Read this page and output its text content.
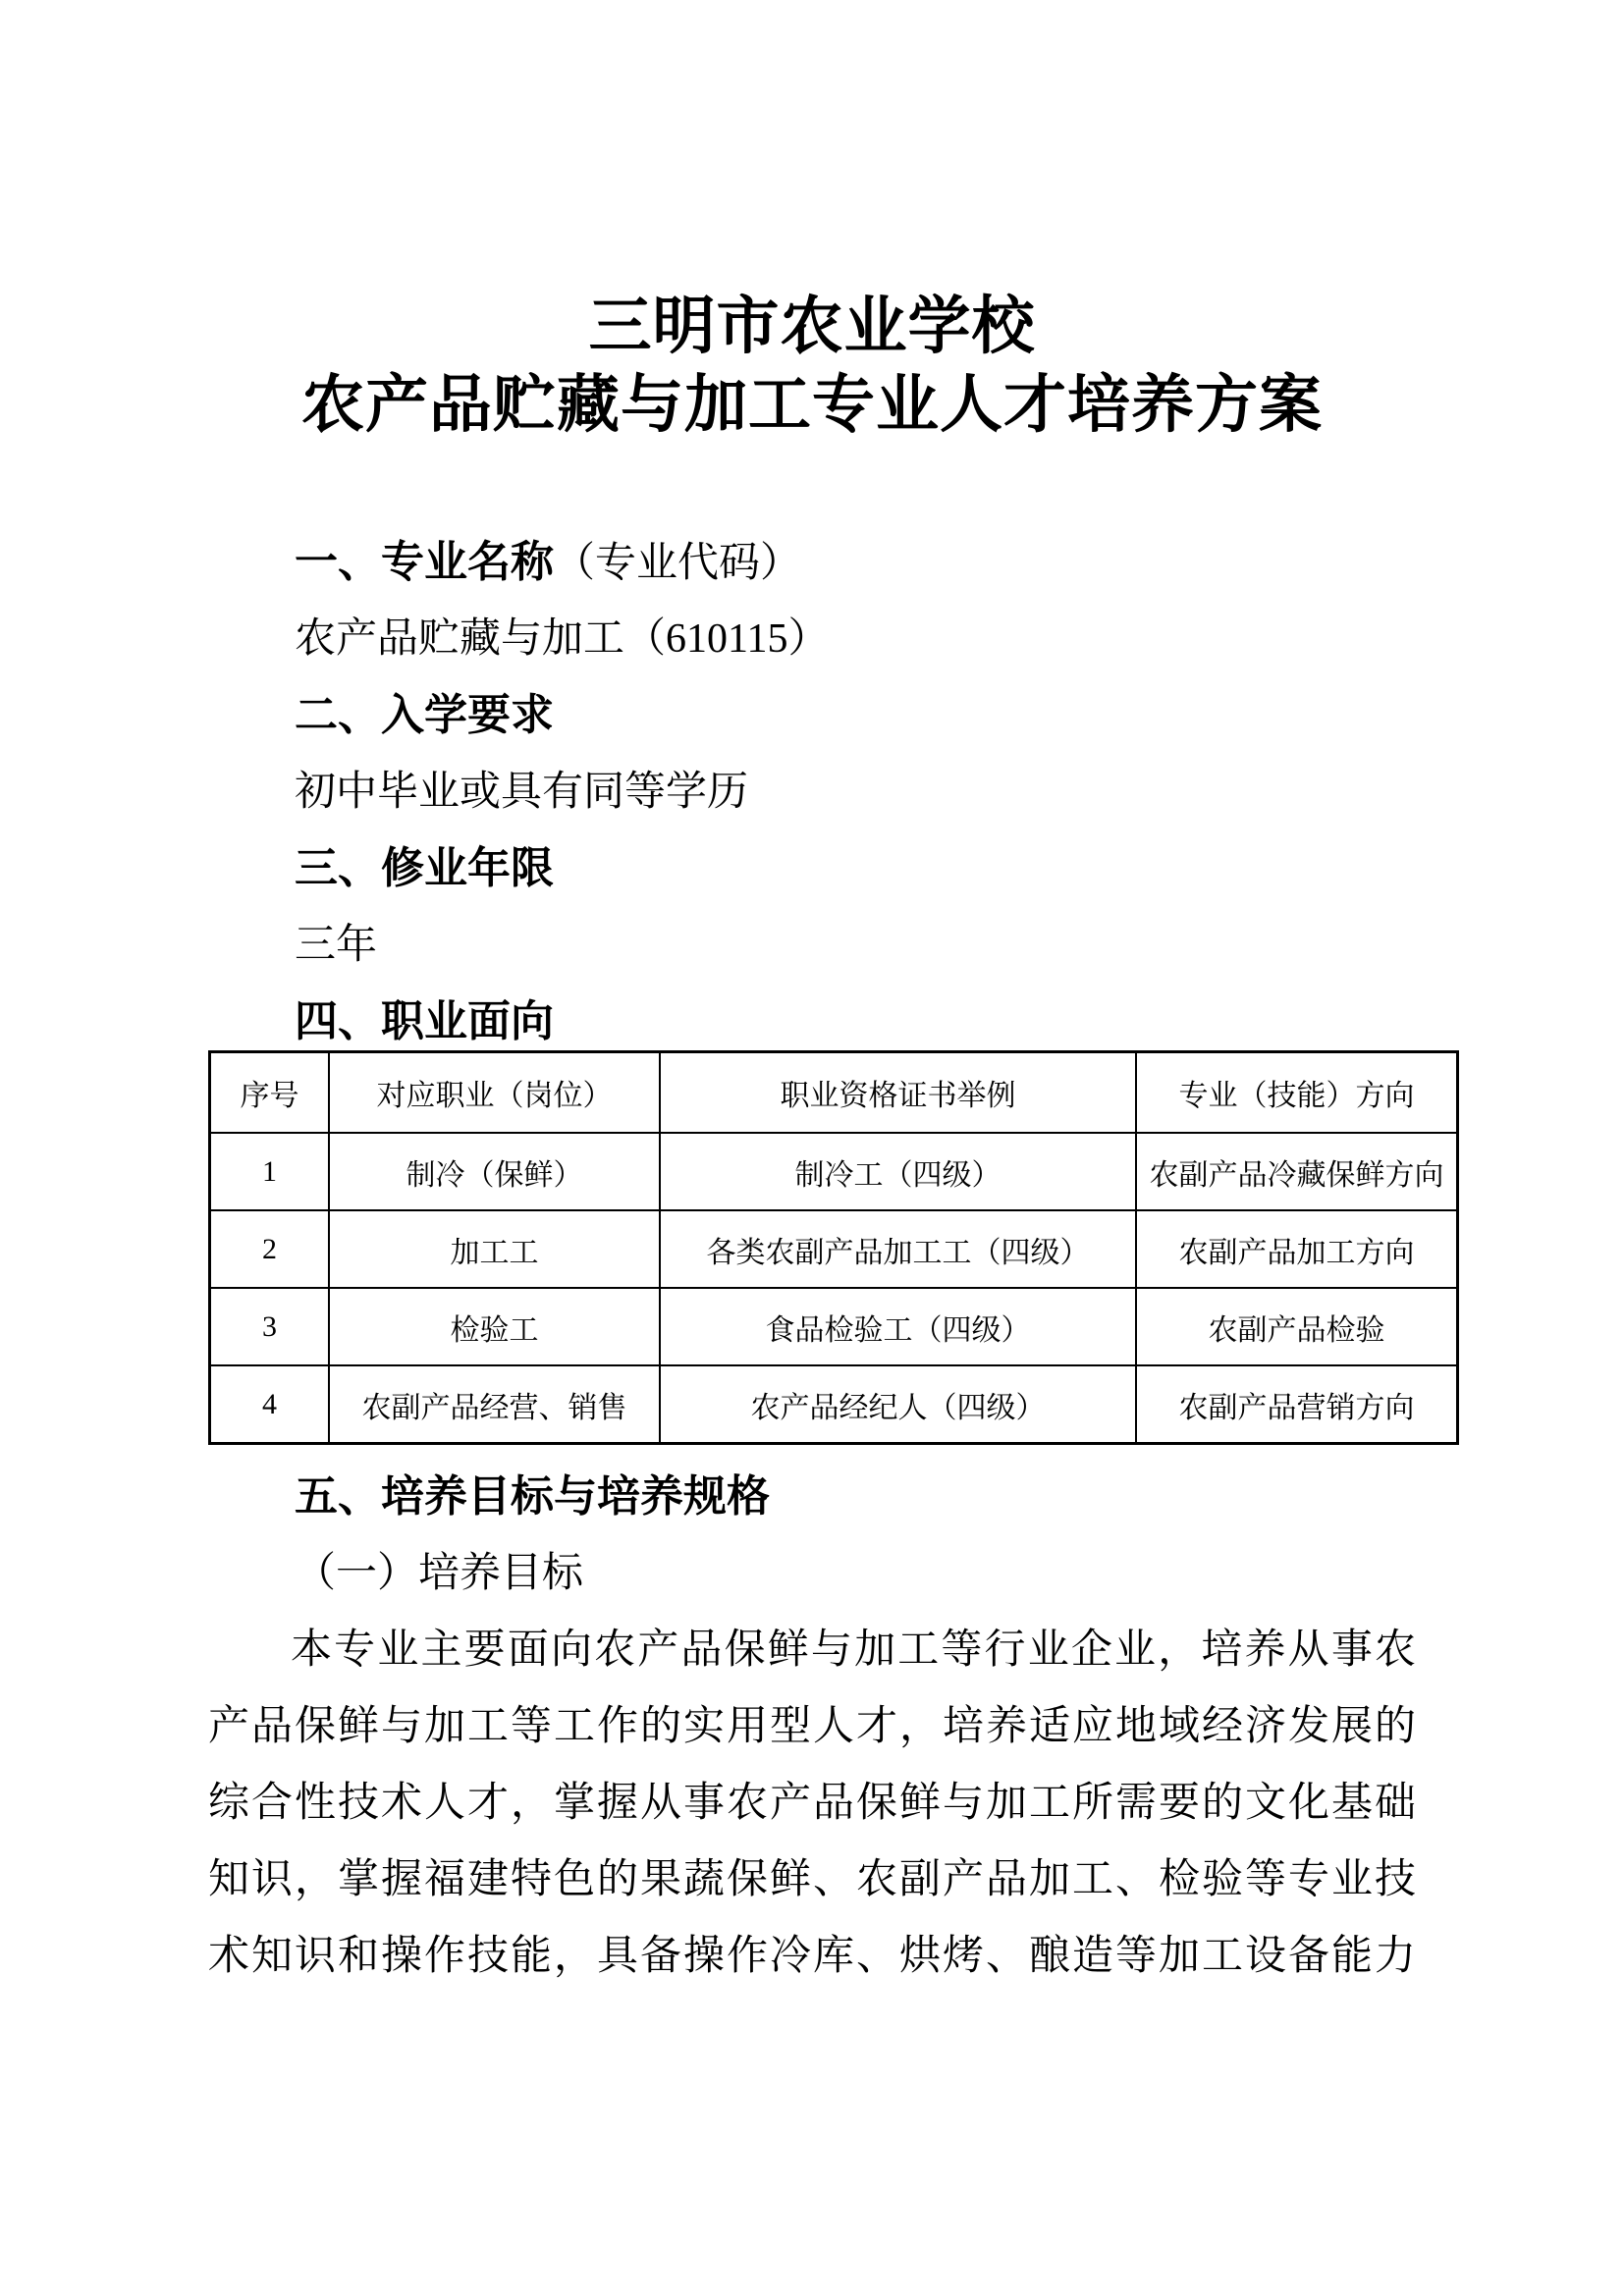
三明市农业学校
农产品贮藏与加工专业人才培养方案
一、专业名称（专业代码）
农产品贮藏与加工（610115）
二、入学要求
初中毕业或具有同等学历
三、修业年限
三年
四、职业面向
序号	对应职业（岗位）	职业资格证书举例	专业（技能）方向
1	制冷（保鲜）	制冷工（四级）	农副产品冷藏保鲜方向
2	加工工	各类农副产品加工工（四级）	农副产品加工方向
3	检验工	食品检验工（四级）	农副产品检验
4	农副产品经营、销售	农产品经纪人（四级）	农副产品营销方向
五、培养目标与培养规格
（一）培养目标
本专业主要面向农产品保鲜与加工等行业企业，培养从事农
产品保鲜与加工等工作的实用型人才，培养适应地域经济发展的
综合性技术人才，掌握从事农产品保鲜与加工所需要的文化基础
知识，掌握福建特色的果蔬保鲜、农副产品加工、检验等专业技
术知识和操作技能，具备操作冷库、烘烤、酿造等加工设备能力
